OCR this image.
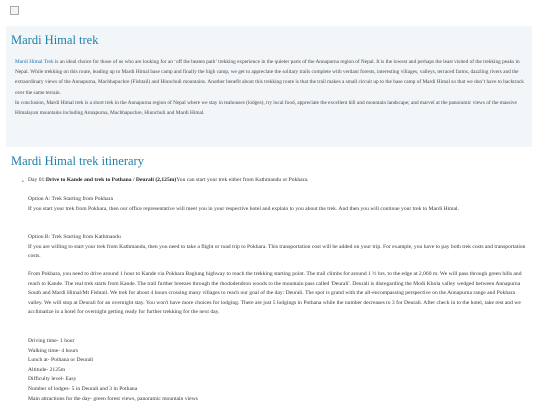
Mardi Himal trek

Mardi Himal Trek is an ideal choice for those of us who are looking for an ‘off the beaten path’ trekking experience in the quieter parts of the Annapurna region of Nepal. It is the lowest and perhaps the least visited of the trekking peaks in Nepal. While trekking on this route, leading up to Mardi Himal base camp and finally the high camp, we get to appreciate the solitary trails complete with verdant forests, interesting villages, valleys, terraced farms, dazzling rivers and the extraordinary views of the Annapurna, Machhapuchre (Fishtail) and Hiunchuli mountains. Another benefit about this trekking route is that the trail makes a small circuit up to the base camp of Mardi Himal so that we don’t have to backtrack over the same terrain.

In conclusion, Mardi Himal trek is a short trek in the Annapurna region of Nepal where we stay in teahouses (lodges), try local food, appreciate the excellent hill and mountain landscape; and marvel at the panoramic views of the massive Himalayan mountains including Annapurna, Machhapuchre, Hiunchuli and Mardi Himal.

Mardi Himal trek itinerary
• Day 01:Drive to Kande and trek to Pothana / Deurali (2,125m)You can start your trek either from Kathmandu or Pokhara.

Option A: Trek Starting from Pokhara

If you start your trek from Pokhara, then our office representative will meet you in your respective hotel and explain to you about the trek. And then you will continue your trek to Mardi Himal.

Option B: Trek Starting from Kathmandu

If you are willing to start your trek from Kathmandu, then you need to take a flight or road trip to Pokhara. This transportation cost will be added on your trip. For example, you have to pay both trek costs and transportation costs.

From Pokhara, you need to drive around 1 hour to Kande via Pokhara Baglung highway to reach the trekking starting point. The trail climbs for around 1 ½ hrs. to the edge at 2,060 m. We will pass through green hills and reach to Kande. The real trek starts from Kande. The trail further breezes through the rhododendron woods to the mountain pass called 'Deurali'. Deurali is disregarding the Modi Khola valley wedged between Annapurna South and Mardi Himal/Mt Fishtail. We trek for about 4 hours crossing many villages to reach our goal of the day: Deurali. The spot is grand with the all-encompassing perspective on the Annapurna range and Pokhara valley. We will stop at Deurali for an overnight stay. You won't have more choices for lodging. There are just 5 lodgings in Pothana while the number decreases to 3 for Deurali. After check in to the hotel, take rest and we acclimatize in a hotel for overnight getting ready for further trekking for the next day.

Driving time- 1 hour

Walking time- 4 hours

Lunch at- Pothana or Deurali

Altitude- 2125m

Difficulty level- Easy

Number of lodges- 5 in Deurali and 3 in Pothana

Main attractions for the day- green forest views, panoramic mountain views
